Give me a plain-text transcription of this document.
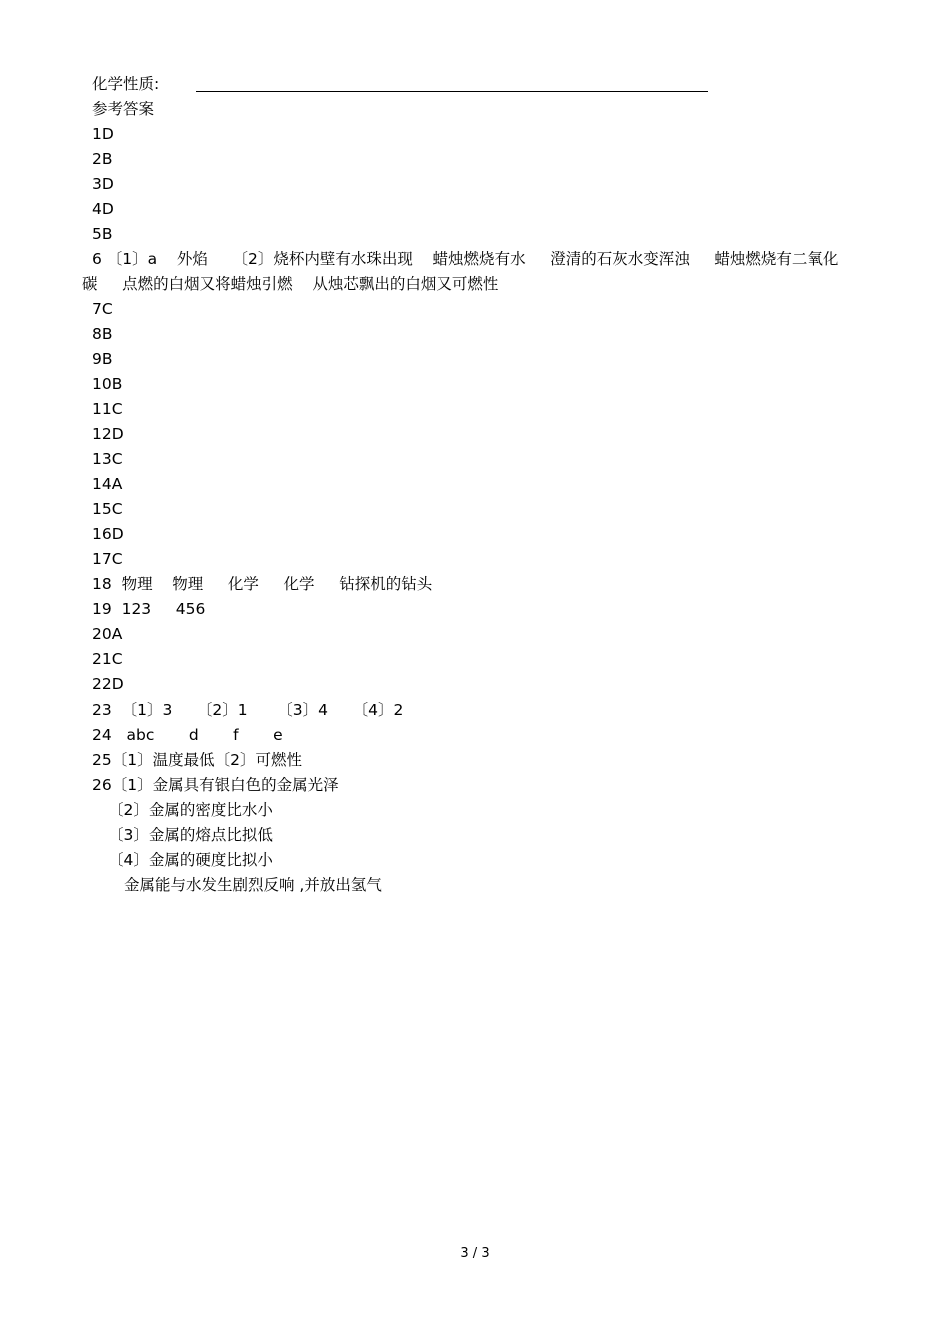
化学性质:
参考答案
1D
2B
3D
4D
5B
6 〔1〕a    外焰     〔2〕烧杯内壁有水珠出现    蜡烛燃烧有水     澄清的石灰水变浑浊     蜡烛燃烧有二氧化
碳     点燃的白烟又将蜡烛引燃    从烛芯飘出的白烟又可燃性
7C
8B
9B
10B
11C
12D
13C
14A
15C
16D
17C
18  物理    物理     化学     化学     钻探机的钻头
19  123     456
20A
21C
22D
23  〔1〕3     〔2〕1      〔3〕4     〔4〕2
24   abc       d       f       e
25〔1〕温度最低〔2〕可燃性
26〔1〕金属具有银白色的金属光泽
〔2〕金属的密度比水小
〔3〕金属的熔点比拟低
〔4〕金属的硬度比拟小
金属能与水发生剧烈反响 ,并放出氢气
3 / 3
